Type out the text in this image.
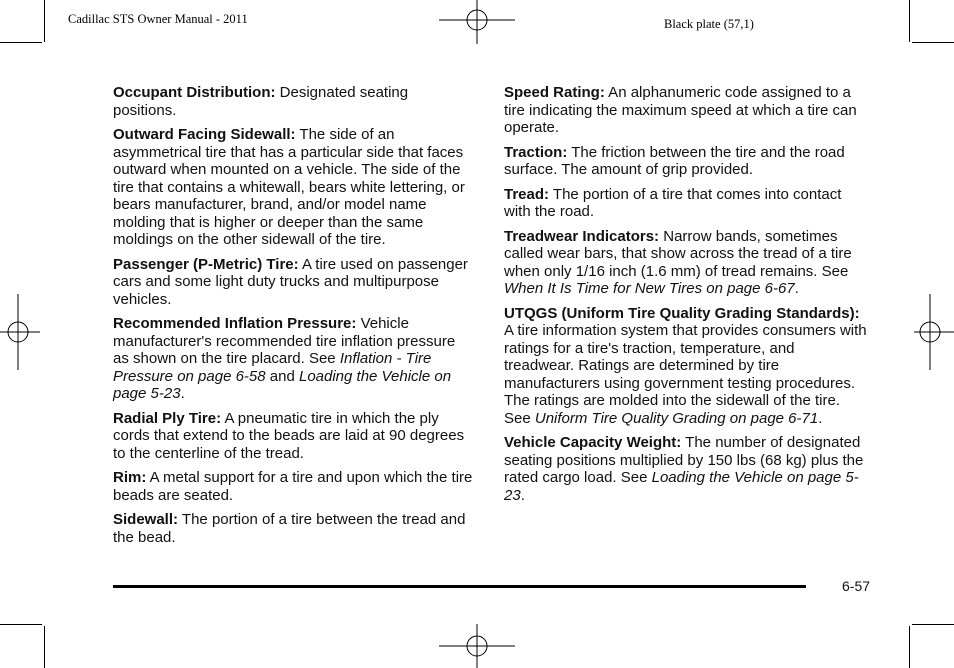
Cadillac STS Owner Manual - 2011	Black plate (57,1)

Occupant Distribution: Designated seating positions.

Outward Facing Sidewall: The side of an asymmetrical tire that has a particular side that faces outward when mounted on a vehicle. The side of the tire that contains a whitewall, bears white lettering, or bears manufacturer, brand, and/or model name molding that is higher or deeper than the same moldings on the other sidewall of the tire.

Passenger (P-Metric) Tire: A tire used on passenger cars and some light duty trucks and multipurpose vehicles.

Recommended Inflation Pressure: Vehicle manufacturer's recommended tire inflation pressure as shown on the tire placard. See Inflation - Tire Pressure on page 6-58 and Loading the Vehicle on page 5-23.

Radial Ply Tire: A pneumatic tire in which the ply cords that extend to the beads are laid at 90 degrees to the centerline of the tread.

Rim: A metal support for a tire and upon which the tire beads are seated.

Sidewall: The portion of a tire between the tread and the bead.

Speed Rating: An alphanumeric code assigned to a tire indicating the maximum speed at which a tire can operate.

Traction: The friction between the tire and the road surface. The amount of grip provided.

Tread: The portion of a tire that comes into contact with the road.

Treadwear Indicators: Narrow bands, sometimes called wear bars, that show across the tread of a tire when only 1/16 inch (1.6 mm) of tread remains. See When It Is Time for New Tires on page 6-67.

UTQGS (Uniform Tire Quality Grading Standards): A tire information system that provides consumers with ratings for a tire's traction, temperature, and treadwear. Ratings are determined by tire manufacturers using government testing procedures. The ratings are molded into the sidewall of the tire. See Uniform Tire Quality Grading on page 6-71.

Vehicle Capacity Weight: The number of designated seating positions multiplied by 150 lbs (68 kg) plus the rated cargo load. See Loading the Vehicle on page 5-23.

6-57
